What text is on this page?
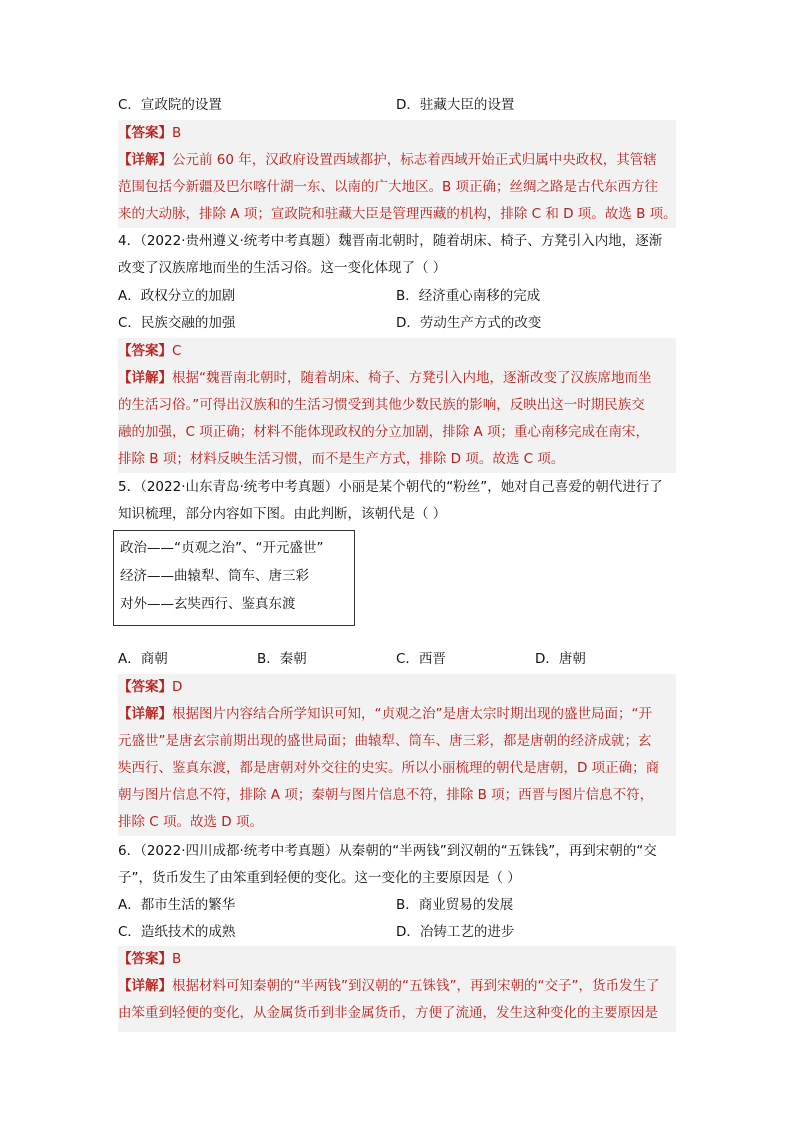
C．宣政院的设置	D．驻藏大臣的设置
【答案】B
【详解】公元前 60 年，汉政府设置西域都护，标志着西域开始正式归属中央政权，其管辖
范围包括今新疆及巴尔喀什湖一东、以南的广大地区。B 项正确；丝绸之路是古代东西方往
来的大动脉，排除 A 项；宣政院和驻藏大臣是管理西藏的机构，排除 C 和 D 项。故选 B 项。
4．（2022·贵州遵义·统考中考真题）魏晋南北朝时，随着胡床、椅子、方凳引入内地，逐渐
改变了汉族席地而坐的生活习俗。这一变化体现了（ ）
A．政权分立的加剧	B．经济重心南移的完成
C．民族交融的加强	D．劳动生产方式的改变
【答案】C
【详解】根据“魏晋南北朝时，随着胡床、椅子、方凳引入内地，逐渐改变了汉族席地而坐
的生活习俗。”可得出汉族和的生活习惯受到其他少数民族的影响，反映出这一时期民族交
融的加强，C 项正确；材料不能体现政权的分立加剧，排除 A 项；重心南移完成在南宋，
排除 B 项；材料反映生活习惯，而不是生产方式，排除 D 项。故选 C 项。
5．（2022·山东青岛·统考中考真题）小丽是某个朝代的“粉丝”，她对自己喜爱的朝代进行了
知识梳理，部分内容如下图。由此判断，该朝代是（ ）
政治——“贞观之治”、“开元盛世”
经济——曲辕犁、筒车、唐三彩
对外——玄奘西行、鉴真东渡
A．商朝	B．秦朝	C．西晋	D．唐朝
【答案】D
【详解】根据图片内容结合所学知识可知，“贞观之治”是唐太宗时期出现的盛世局面；“开
元盛世”是唐玄宗前期出现的盛世局面；曲辕犁、筒车、唐三彩，都是唐朝的经济成就；玄
奘西行、鉴真东渡，都是唐朝对外交往的史实。所以小丽梳理的朝代是唐朝，D 项正确；商
朝与图片信息不符，排除 A 项；秦朝与图片信息不符，排除 B 项；西晋与图片信息不符，
排除 C 项。故选 D 项。
6．（2022·四川成都·统考中考真题）从秦朝的“半两钱”到汉朝的“五铢钱”，再到宋朝的“交
子”，货币发生了由笨重到轻便的变化。这一变化的主要原因是（ ）
A．都市生活的繁华	B．商业贸易的发展
C．造纸技术的成熟	D．冶铸工艺的进步
【答案】B
【详解】根据材料可知秦朝的“半两钱”到汉朝的“五铢钱”，再到宋朝的“交子”，货币发生了
由笨重到轻便的变化，从金属货币到非金属货币，方便了流通，发生这种变化的主要原因是
